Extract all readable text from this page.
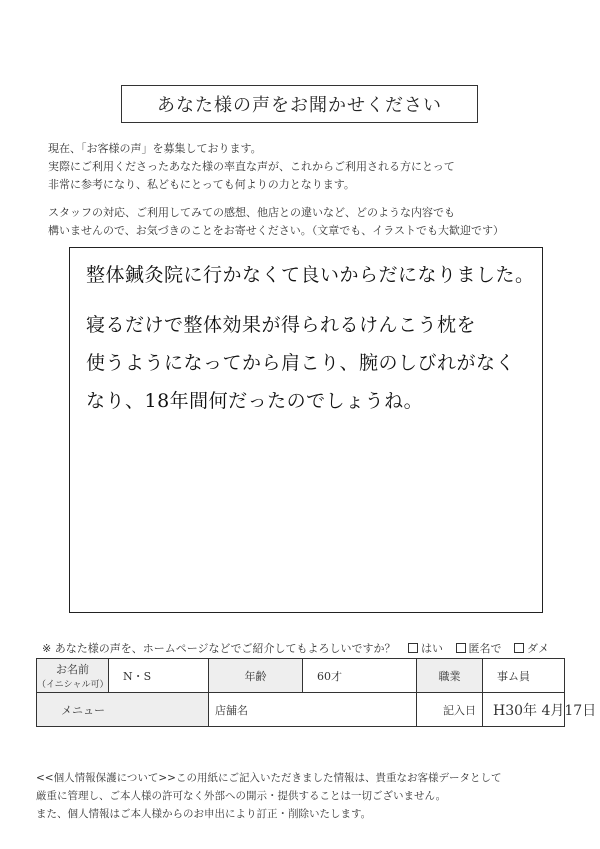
あなた様の声をお聞かせください

現在、「お客様の声」を募集しております。

実際にご利用くださったあなた様の率直な声が、これからご利用される方にとって

非常に参考になり、私どもにとっても何よりの力となります。

スタッフの対応、ご利用してみての感想、他店との違いなど、どのような内容でも

構いませんので、お気づきのことをお寄せください。（文章でも、イラストでも大歓迎です）

整体鍼灸院に行かなくて良いからだになりました。
寝るだけで整体効果が得られるけんこう枕を
使うようになってから肩こり、腕のしびれがなく
なり、18年間何だったのでしょうね。
※ あなた様の声を、ホームページなどでご紹介してもよろしいですか？ はい 匿名で ダメ
お名前
（イニシャル可）	N・S	年齢	60才	職業	事ム員
メニュー		店舗名		記入日	H30年 4月17日

<<個人情報保護について>>この用紙にご記入いただきました情報は、貴重なお客様データとして

厳重に管理し、ご本人様の許可なく外部への開示・提供することは一切ございません。

また、個人情報はご本人様からのお申出により訂正・削除いたします。
